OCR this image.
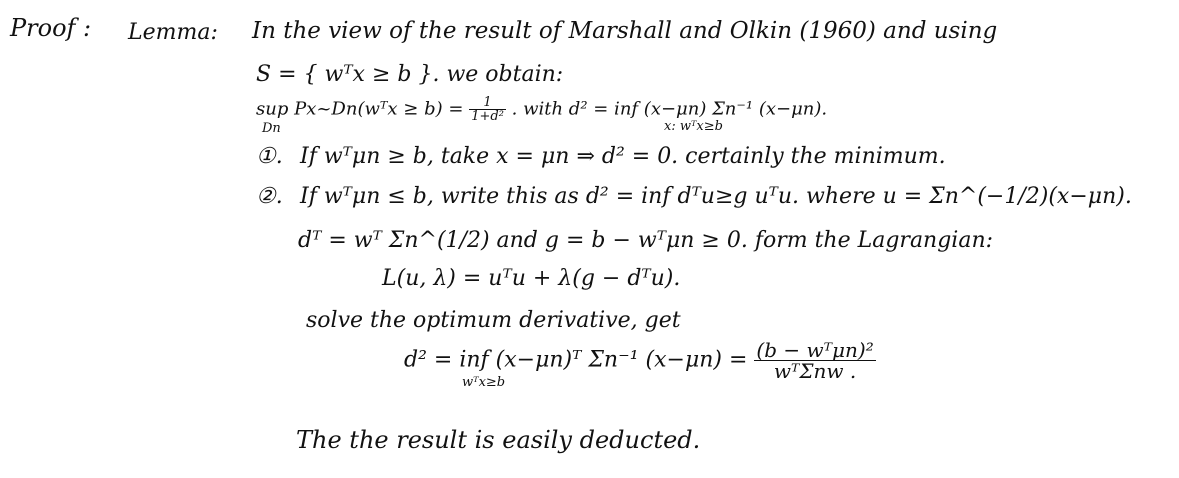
Proof : Lemma: In the view of the result of Marshall and Olkin (1960) and using
S = { wᵀx ≥ b }. we obtain:
sup Px~Dn(wᵀx ≥ $b) = \frac{1}{\text{1+d²}}$ . with d² = inf (x−μn) Σn⁻¹ (x−μn).
Dn	x: wᵀx≥b
①. If wᵀμn ≥ b, take x = μn ⇒ d² = 0. certainly the minimum.
②. If wᵀμn ≤ b, write this as d² = inf dᵀu≥g uᵀu. where u = Σn^(−1/2)(x−μn).
dᵀ = wᵀ Σn^(1/2) and g = b − wᵀμn ≥ 0. form the Lagrangian:
L(u, λ) = uᵀu + λ(g − dᵀu).
solve the optimum derivative, get
d² = inf (x−μn)ᵀ Σn⁻¹ $(x-\mu n) = \frac{\text{(b − wᵀμn)²}}{\text{wᵀΣnw .}}$
wᵀx≥b
The the result is easily deducted.
